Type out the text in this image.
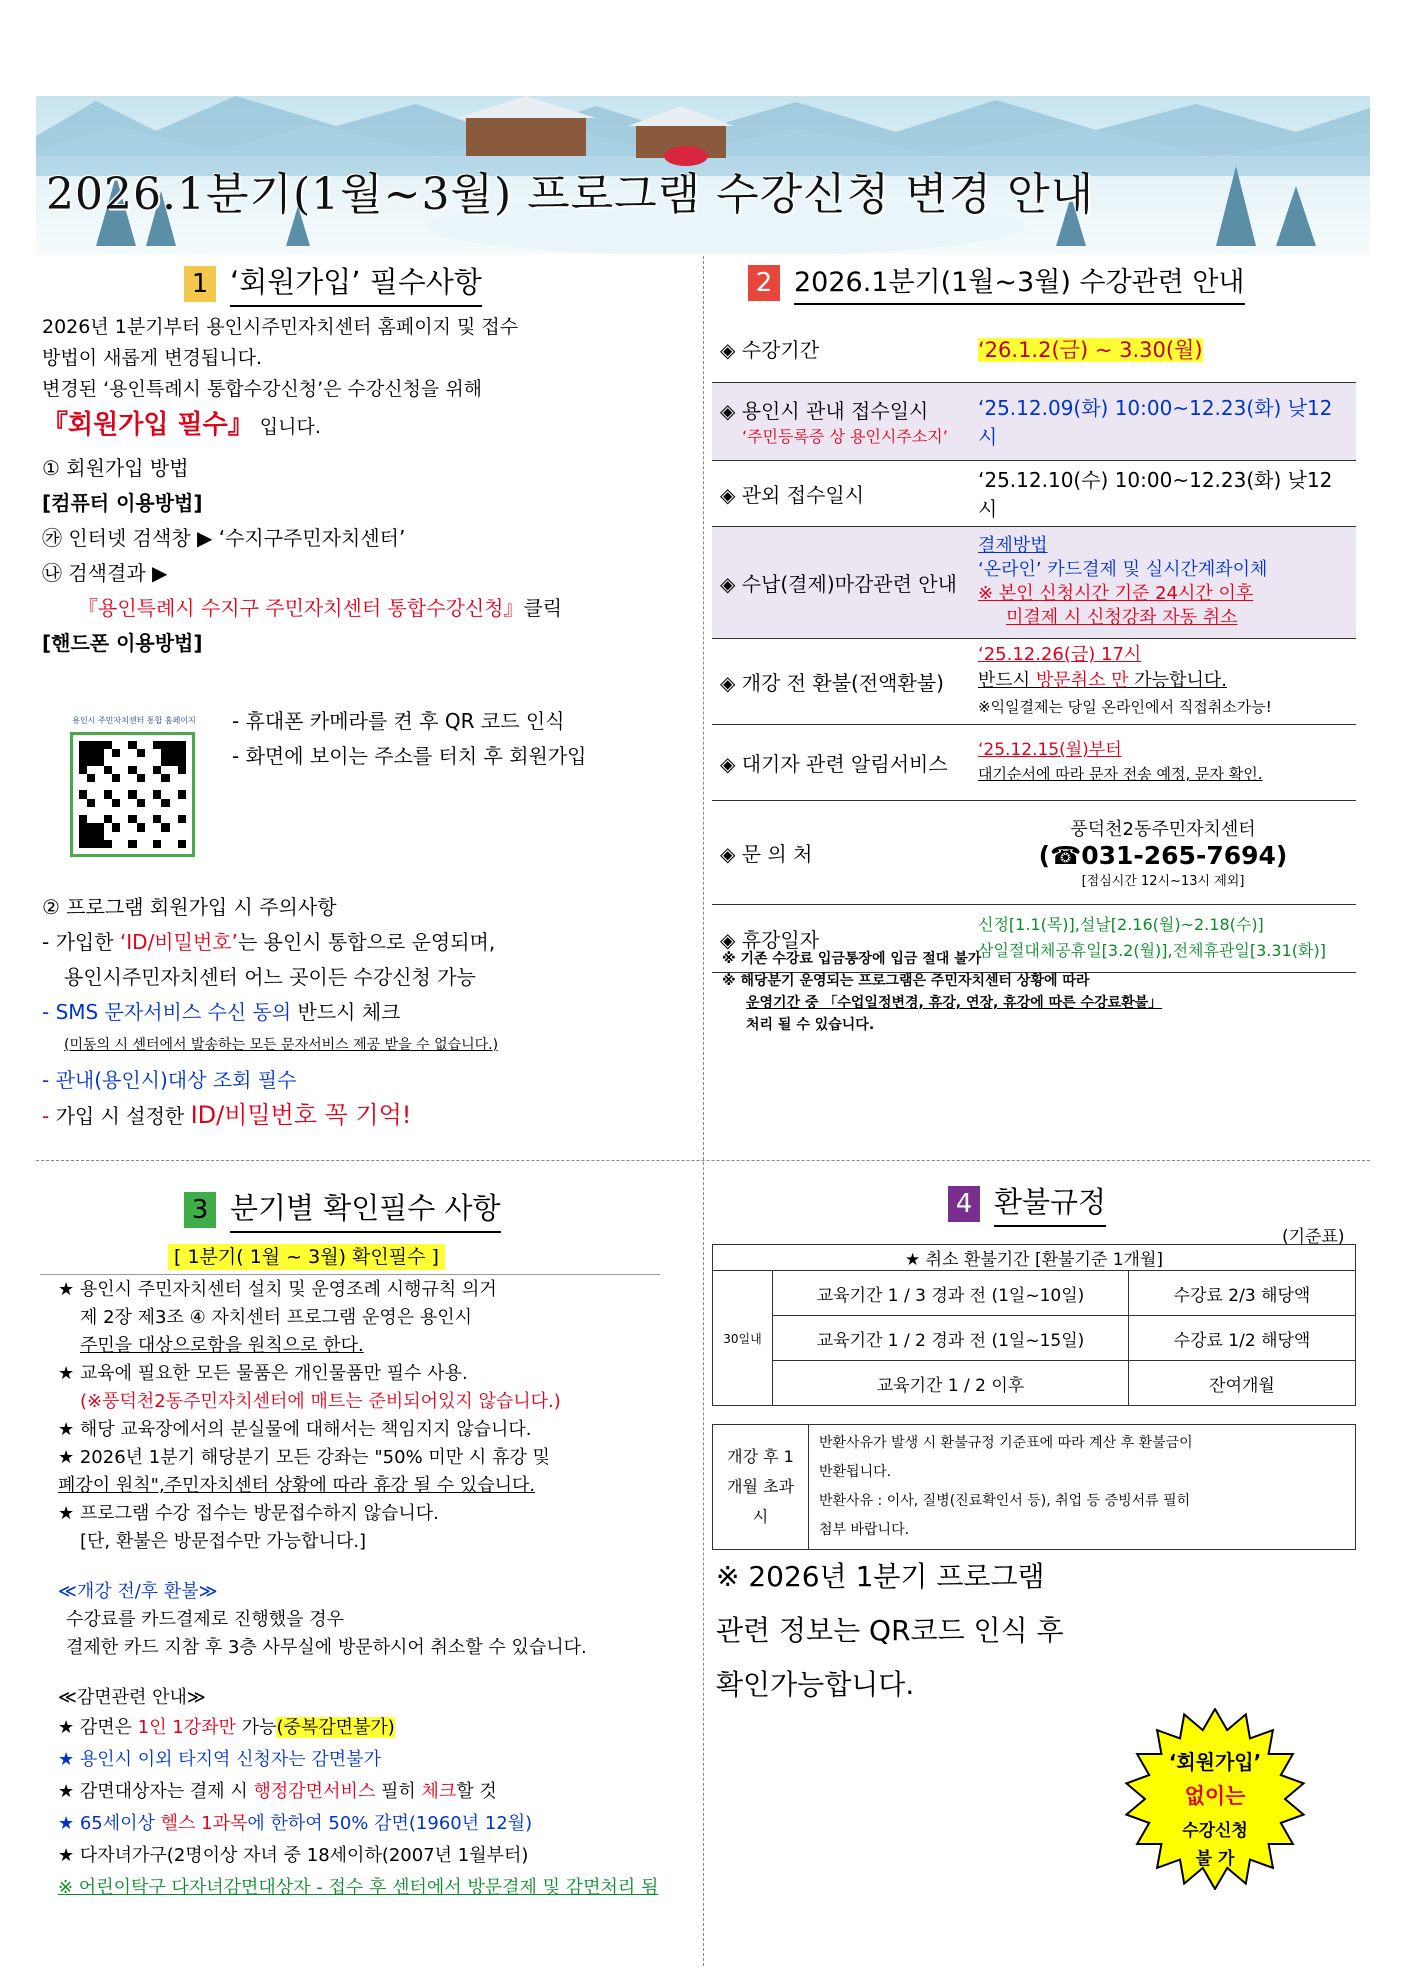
2026.1분기(1월~3월) 프로그램 수강신청 변경 안내
1 ‘회원가입’ 필수사항
2026년 1분기부터 용인시주민자치센터 홈페이지 및 접수
방법이 새롭게 변경됩니다.
변경된 ‘용인특례시 통합수강신청’은 수강신청을 위해
『회원가입 필수』 입니다.
① 회원가입 방법
[컴퓨터 이용방법]
㉮ 인터넷 검색창 ▶ ‘수지구주민자치센터’
㉯ 검색결과 ▶
『용인특례시 수지구 주민자치센터 통합수강신청』클릭
[핸드폰 이용방법]
용인시 주민자치센터 통합 홈페이지	- 휴대폰 카메라를 켠 후 QR 코드 인식
- 화면에 보이는 주소를 터치 후 회원가입
② 프로그램 회원가입 시 주의사항
- 가입한 ‘ID/비밀번호’는 용인시 통합으로 운영되며,
용인시주민자치센터 어느 곳이든 수강신청 가능
- SMS 문자서비스 수신 동의 반드시 체크
(미동의 시 센터에서 발송하는 모든 문자서비스 제공 받을 수 없습니다.)
- 관내(용인시)대상 조회 필수
- 가입 시 설정한 ID/비밀번호 꼭 기억!
2 2026.1분기(1월~3월) 수강관련 안내
◈ 수강기간	‘26.1.2(금) ~ 3.30(월)

◈ 용인시 관내 접수일시
‘주민등록증 상 용인시주소지’	‘25.12.09(화) 10:00~12.23(화) 낮12시
◈ 관외 접수일시	‘25.12.10(수) 10:00~12.23(화) 낮12시
◈ 수납(결제)마감관련 안내	결제방법
‘온라인’ 카드결제 및 실시간계좌이체
※ 본인 신청시간 기준 24시간 이후
미결제 시 신청강좌 자동 취소

◈ 개강 전 환불(전액환불)	‘25.12.26(금) 17시
반드시 방문취소 만 가능합니다.
※익일결제는 당일 온라인에서 직접취소가능!

◈ 대기자 관련 알림서비스	‘25.12.15(월)부터
대기순서에 따라 문자 전송 예정, 문자 확인.

◈ 문 의 처	풍덕천2동주민자치센터
(☎031-265-7694)
[점심시간 12시~13시 제외]

◈ 휴강일자	신정[1.1(목)],설날[2.16(월)~2.18(수)]
삼일절대체공휴일[3.2(월)],전체휴관일[3.31(화)]
※ 기존 수강료 입금통장에 입금 절대 불가
※ 해당분기 운영되는 프로그램은 주민자치센터 상황에 따라
운영기간 중 「수업일정변경, 휴강, 연장, 휴강에 따른 수강료환불」
처리 될 수 있습니다.
3 분기별 확인필수 사항
[ 1분기( 1월 ~ 3월) 확인필수 ]
★ 용인시 주민자치센터 설치 및 운영조례 시행규칙 의거
제 2장 제3조 ④ 자치센터 프로그램 운영은 용인시
주민을 대상으로함을 원칙으로 한다.
★ 교육에 필요한 모든 물품은 개인물품만 필수 사용.
(※풍덕천2동주민자치센터에 매트는 준비되어있지 않습니다.)
★ 해당 교육장에서의 분실물에 대해서는 책임지지 않습니다.
★ 2026년 1분기 해당분기 모든 강좌는 "50% 미만 시 휴강 및
폐강이 원칙",주민자치센터 상황에 따라 휴강 될 수 있습니다.
★ 프로그램 수강 접수는 방문접수하지 않습니다.
[단, 환불은 방문접수만 가능합니다.]
≪개강 전/후 환불≫
수강료를 카드결제로 진행했을 경우
결제한 카드 지참 후 3층 사무실에 방문하시어 취소할 수 있습니다.
≪감면관련 안내≫
★ 감면은 1인 1강좌만 가능(중복감면불가)
★ 용인시 이외 타지역 신청자는 감면불가
★ 감면대상자는 결제 시 행정감면서비스 필히 체크할 것
★ 65세이상 헬스 1과목에 한하여 50% 감면(1960년 12월)
★ 다자녀가구(2명이상 자녀 중 18세이하(2007년 1월부터)
※ 어린이탁구 다자녀감면대상자 - 접수 후 센터에서 방문결제 및 감면처리 됨
4 환불규정
(기준표)
★ 취소 환불기간 [환불기준 1개월]		
30일내	교육기간 1 / 3 경과 전 (1일~10일)	수강료 2/3 해당액
	교육기간 1 / 2 경과 전 (1일~15일)	수강료 1/2 해당액
	교육기간 1 / 2 이후	잔여개월
개강 후 1개월 초과 시	
반환사유가 발생 시 환불규정 기준표에 따라 계산 후 환불금이
반환됩니다.
반환사유 : 이사, 질병(진료확인서 등), 취업 등 증빙서류 필히
첨부 바랍니다.
※ 2026년 1분기 프로그램
관련 정보는 QR코드 인식 후
확인가능합니다.
‘회원가입’
없이는
수강신청
불 가
